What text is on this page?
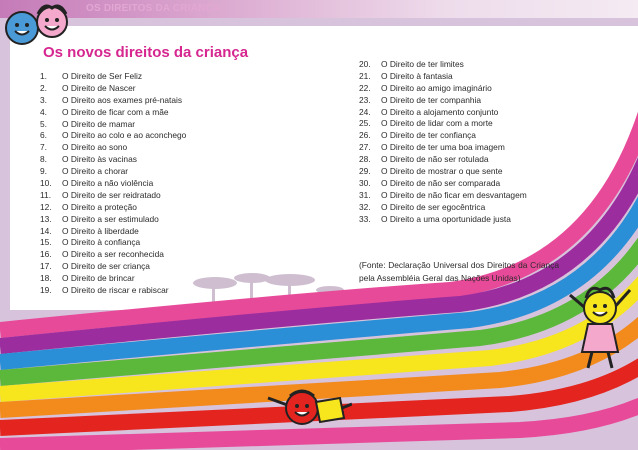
OS DIREITOS DA CRIANÇA
Os novos direitos da criança
1. O Direito de Ser Feliz
2. O Direito de Nascer
3. O Direito aos exames pré-natais
4. O Direito de ficar com a mãe
5. O Direito de mamar
6. O Direito ao colo e ao aconchego
7. O Direito ao sono
8. O Direito às vacinas
9. O Direito a chorar
10. O Direito a não violência
11. O Direito de ser reidratado
12. O Direito a proteção
13. O Direito a ser estimulado
14. O Direito à liberdade
15. O Direito à confiança
16. O Direito a ser reconhecida
17. O Direito de ser criança
18. O Direito de brincar
19. O Direito de riscar e rabiscar
20. O Direito de ter limites
21. O Direito à fantasia
22. O Direito ao amigo imaginário
23. O Direito de ter companhia
24. O Direito a alojamento conjunto
25. O Direito de lidar com a morte
26. O Direito de ter confiança
27. O Direito de ter uma boa imagem
28. O Direito de não ser rotulada
29. O Direito de mostrar o que sente
30. O Direito de não ser comparada
31. O Direito de não ficar em desvantagem
32. O Direito de ser egocêntrica
33. O Direito a uma oportunidade justa
(Fonte: Declaração Universal dos Direitos da Criança pela Assembléia Geral das Nações Unidas)
